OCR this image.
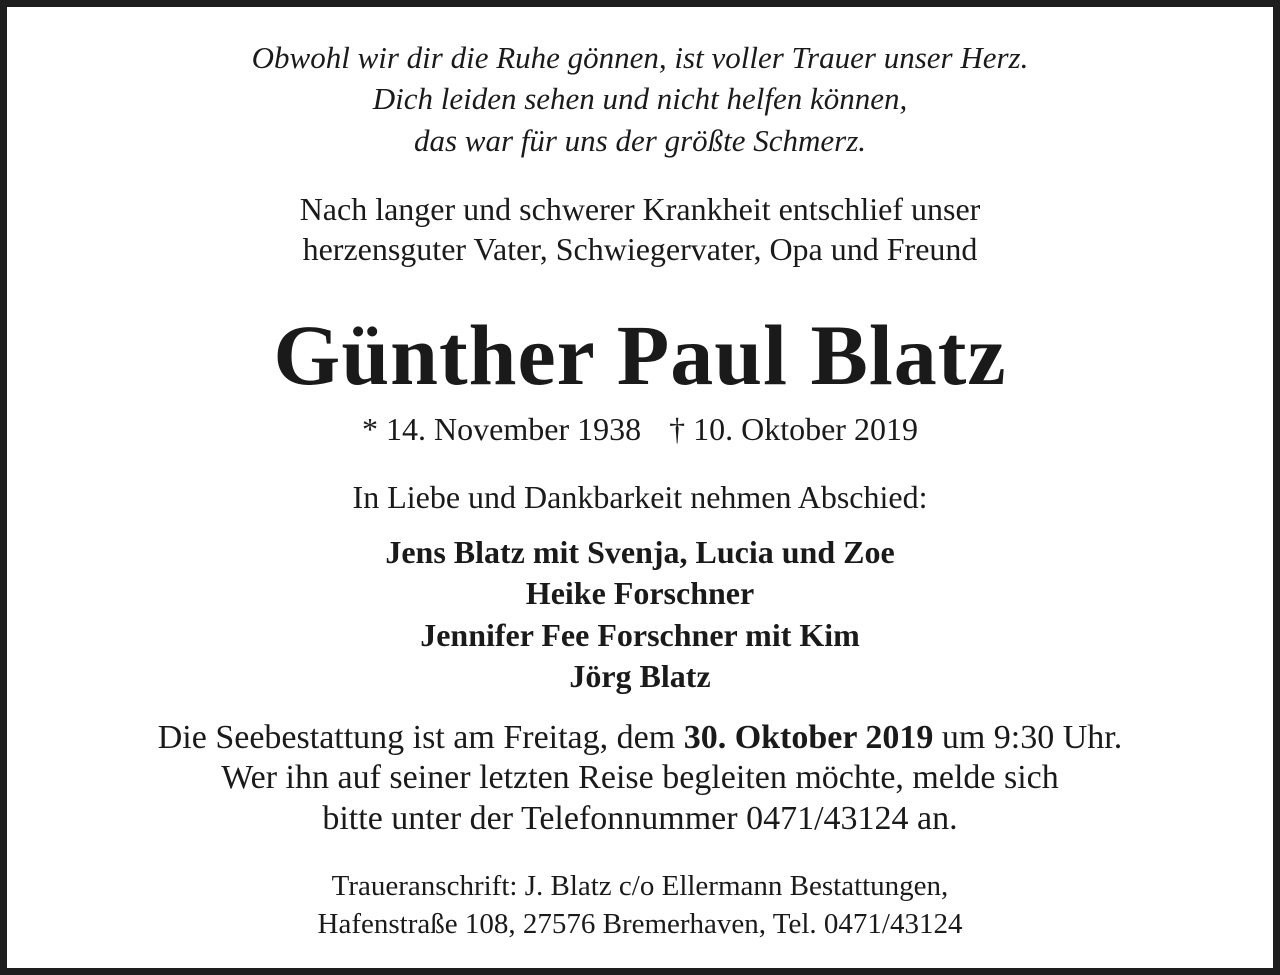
Obwohl wir dir die Ruhe gönnen, ist voller Trauer unser Herz.
Dich leiden sehen und nicht helfen können,
das war für uns der größte Schmerz.
Nach langer und schwerer Krankheit entschlief unser
herzensguter Vater, Schwiegervater, Opa und Freund
Günther Paul Blatz
* 14. November 1938 † 10. Oktober 2019
In Liebe und Dankbarkeit nehmen Abschied:
Jens Blatz mit Svenja, Lucia und Zoe
Heike Forschner
Jennifer Fee Forschner mit Kim
Jörg Blatz
Die Seebestattung ist am Freitag, dem 30. Oktober 2019 um 9:30 Uhr.
Wer ihn auf seiner letzten Reise begleiten möchte, melde sich
bitte unter der Telefonnummer 0471/43124 an.
Traueranschrift: J. Blatz c/o Ellermann Bestattungen,
Hafenstraße 108, 27576 Bremerhaven, Tel. 0471/43124
